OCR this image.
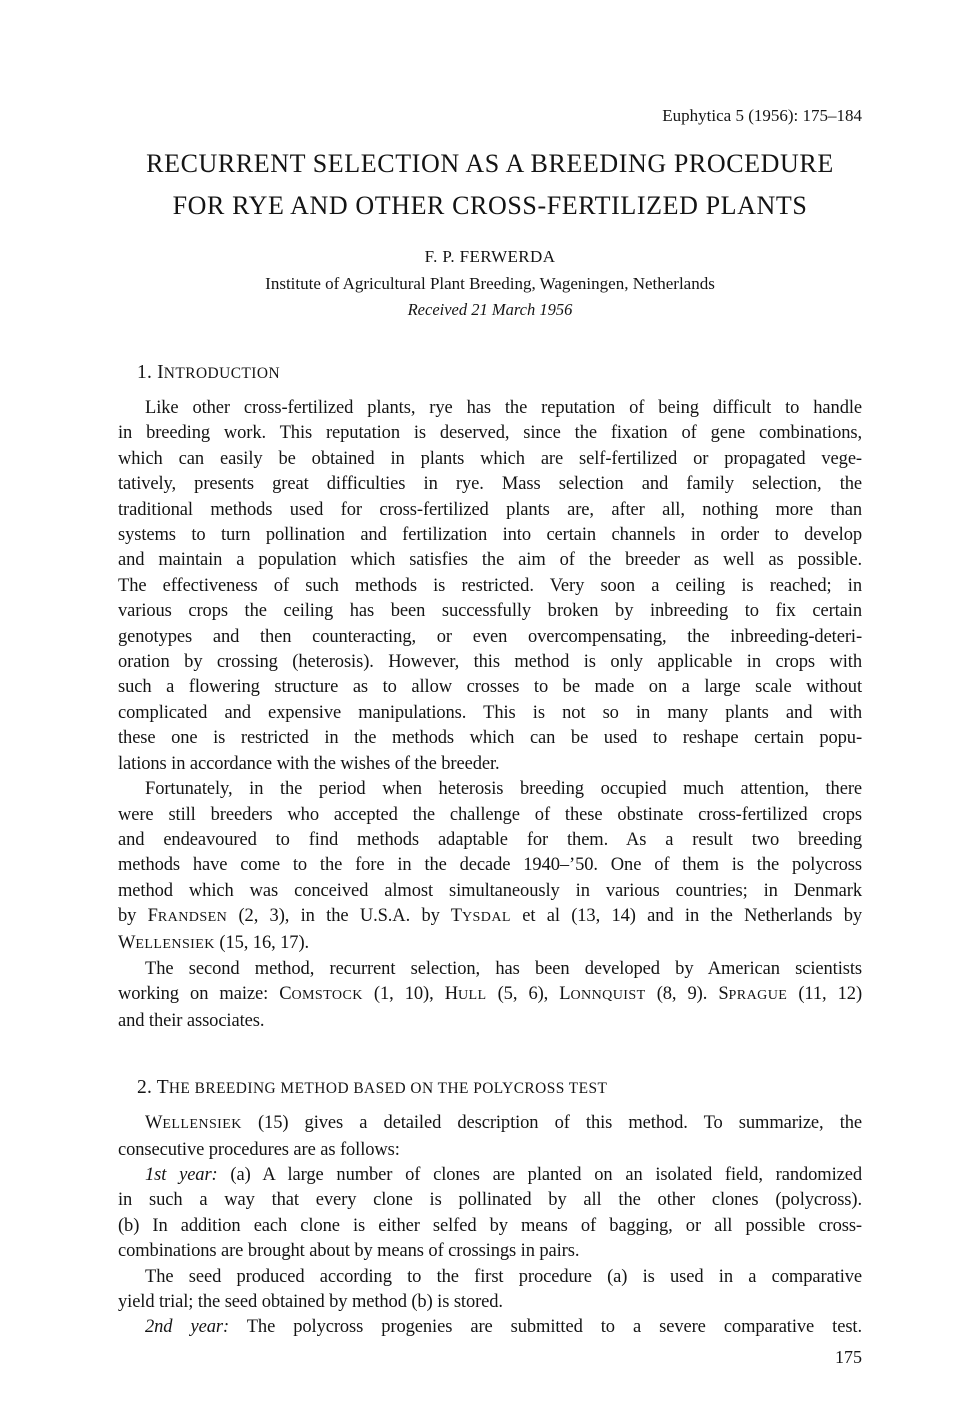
Euphytica 5 (1956): 175–184
RECURRENT SELECTION AS A BREEDING PROCEDURE
FOR RYE AND OTHER CROSS-FERTILIZED PLANTS
F. P. FERWERDA
Institute of Agricultural Plant Breeding, Wageningen, Netherlands
Received 21 March 1956
1. INTRODUCTION
Like other cross-fertilized plants, rye has the reputation of being difficult to handle
in breeding work. This reputation is deserved, since the fixation of gene combinations,
which can easily be obtained in plants which are self-fertilized or propagated vege-
tatively, presents great difficulties in rye. Mass selection and family selection, the
traditional methods used for cross-fertilized plants are, after all, nothing more than
systems to turn pollination and fertilization into certain channels in order to develop
and maintain a population which satisfies the aim of the breeder as well as possible.
The effectiveness of such methods is restricted. Very soon a ceiling is reached; in
various crops the ceiling has been successfully broken by inbreeding to fix certain
genotypes and then counteracting, or even overcompensating, the inbreeding-deteri-
oration by crossing (heterosis). However, this method is only applicable in crops with
such a flowering structure as to allow crosses to be made on a large scale without
complicated and expensive manipulations. This is not so in many plants and with
these one is restricted in the methods which can be used to reshape certain popu-
lations in accordance with the wishes of the breeder.
Fortunately, in the period when heterosis breeding occupied much attention, there
were still breeders who accepted the challenge of these obstinate cross-fertilized crops
and endeavoured to find methods adaptable for them. As a result two breeding
methods have come to the fore in the decade 1940–’50. One of them is the polycross
method which was conceived almost simultaneously in various countries; in Denmark
by FRANDSEN (2, 3), in the U.S.A. by TYSDAL et al (13, 14) and in the Netherlands by
WELLENSIEK (15, 16, 17).
The second method, recurrent selection, has been developed by American scientists
working on maize: COMSTOCK (1, 10), HULL (5, 6), LONNQUIST (8, 9). SPRAGUE (11, 12)
and their associates.
2. THE BREEDING METHOD BASED ON THE POLYCROSS TEST
WELLENSIEK (15) gives a detailed description of this method. To summarize, the
consecutive procedures are as follows:
1st year: (a) A large number of clones are planted on an isolated field, randomized
in such a way that every clone is pollinated by all the other clones (polycross).
(b) In addition each clone is either selfed by means of bagging, or all possible cross-
combinations are brought about by means of crossings in pairs.
The seed produced according to the first procedure (a) is used in a comparative
yield trial; the seed obtained by method (b) is stored.
2nd year: The polycross progenies are submitted to a severe comparative test.
175
